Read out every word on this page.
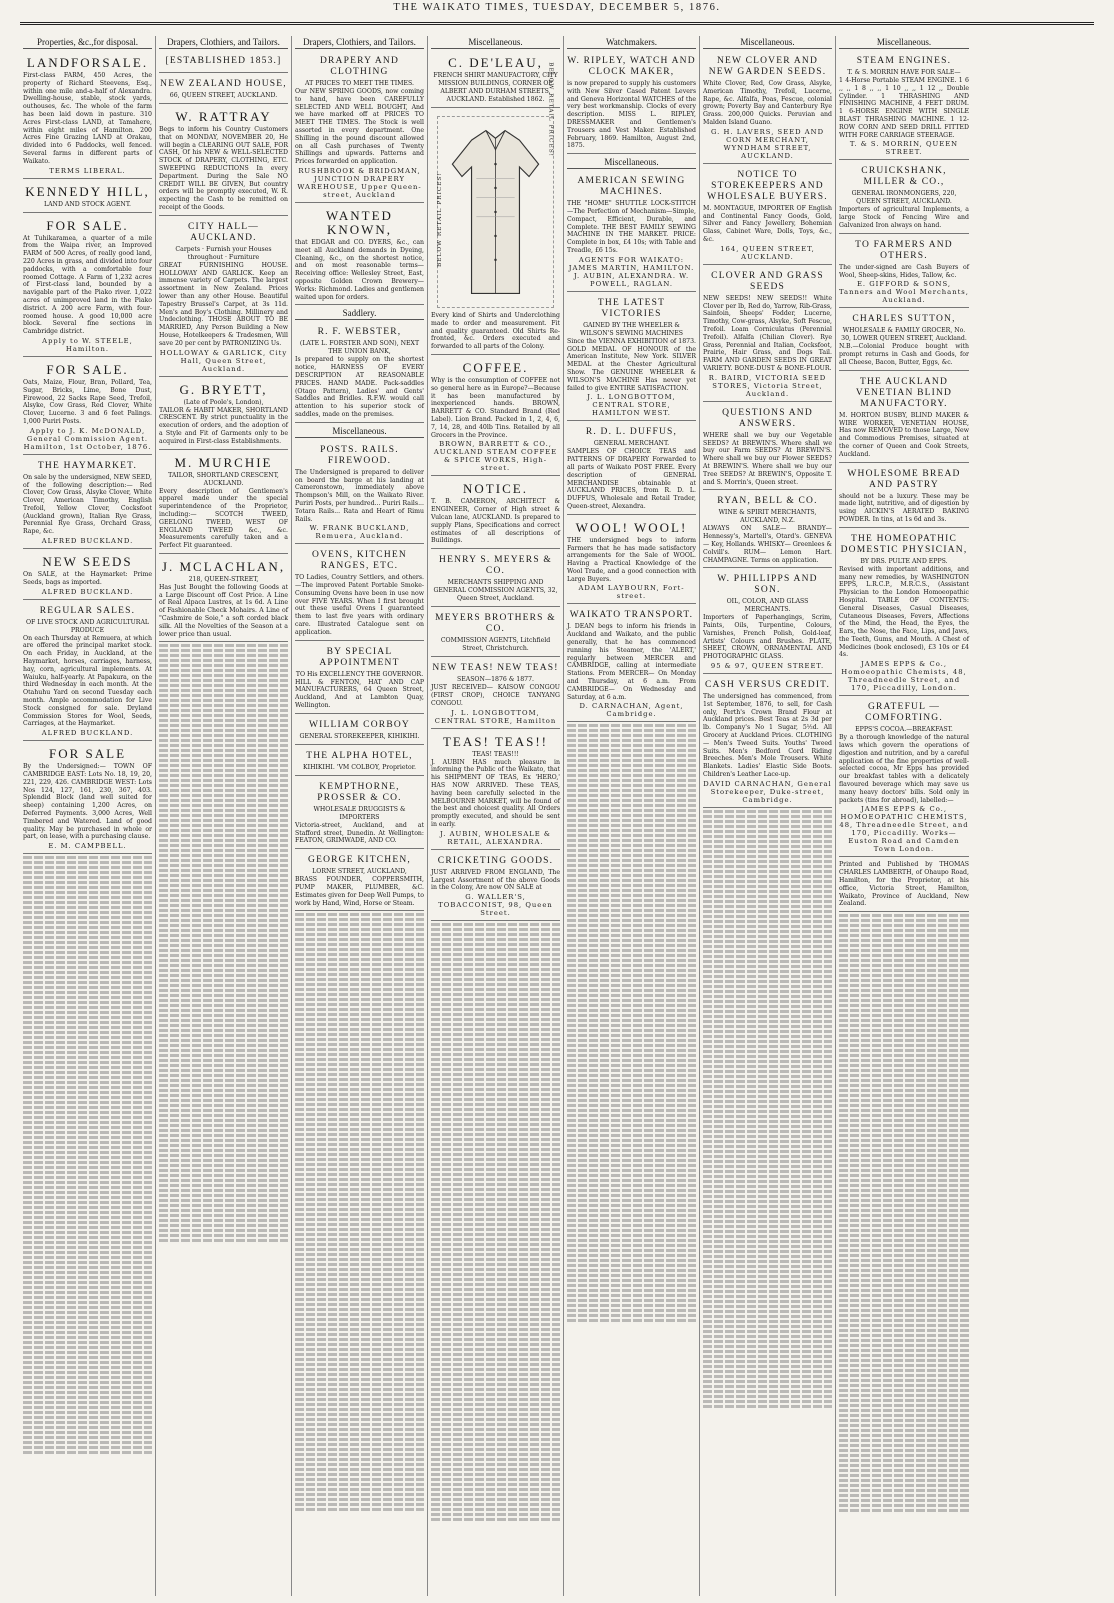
THE WAIKATO TIMES, TUESDAY, DECEMBER 5, 1876.
Properties, &c.,for disposal.
LANDFORSALE.
First-class FARM, 450 Acres, the property of Richard Steevens, Esq., within one mile and-a-half of Alexandra. Dwelling-house, stable, stock yards, outhouses, &c. The whole of the farm has been laid down in pasture. 310 Acres First-class LAND, at Tamahere, within eight miles of Hamilton. 200 Acres Fine Grazing LAND at Orakau, divided into 6 Paddocks, well fenced. Several farms in different parts of Waikato.
TERMS LIBERAL.
KENNEDY HILL,
LAND AND STOCK AGENT.
FOR SALE.
At Tuhikaramea, a quarter of a mile from the Waipa river, an Improved FARM of 500 Acres, of really good land, 220 Acres in grass, and divided into four paddocks, with a comfortable four roomed Cottage. A Farm of 1,232 acres of First-class land, bounded by a navigable part of the Piako river. 1,022 acres of unimproved land in the Piako district. A 200 acre Farm, with four-roomed house. A good 10,000 acre block. Several fine sections in Cambridge district.
Apply to W. STEELE, Hamilton.
FOR SALE.
Oats, Maize, Flour, Bran, Pollard, Tea, Sugar, Bricks, Lime, Bone Dust, Firewood, 22 Sacks Rape Seed, Trefoil, Alsyke, Cow Grass, Red Clover, White Clover, Lucerne. 3 and 6 feet Palings. 1,000 Puriri Posts.
Apply to J. K. McDONALD, General Commission Agent. Hamilton, 1st October, 1876.
THE HAYMARKET.
On sale by the undersigned, NEW SEED, of the following description:— Red Clover, Cow Grass, Alsyke Clover, White Clover, American Timothy, English Trefoil, Yellow Clover, Cocksfoot (Auckland grown), Italian Rye Grass, Perennial Rye Grass, Orchard Grass, Rape, &c.
ALFRED BUCKLAND.
NEW SEEDS
On SALE, at the Haymarket: Prime Seeds, bags as imported.
ALFRED BUCKLAND.
REGULAR SALES.
OF LIVE STOCK AND AGRICULTURAL PRODUCE
On each Thursday at Remuera, at which are offered the principal market stock. On each Friday, in Auckland, at the Haymarket, horses, carriages, harness, hay, corn, agricultural implements. At Waiuku, half-yearly. At Papakura, on the third Wednesday in each month. At the Otahuhu Yard on second Tuesday each month. Ample accommodation for Live Stock consigned for sale. Dryland Commission Stores for Wool, Seeds, Carriages, at the Haymarket.
ALFRED BUCKLAND.
FOR SALE
By the Undersigned:— TOWN OF CAMBRIDGE EAST: Lots No. 18, 19, 20, 221, 229, 426. CAMBRIDGE WEST: Lots Nos 124, 127, 161, 230, 367, 403. Splendid Block (land well suited for sheep) containing 1,200 Acres, on Deferred Payments. 3,000 Acres, Well Timbered and Watered. Land of good quality. May be purchased in whole or part, on lease, with a purchasing clause.
E. M. CAMPBELL.
Drapers, Clothiers, and Tailors.
[ESTABLISHED 1853.]
NEW ZEALAND HOUSE,
66, QUEEN STREET, AUCKLAND.
W. RATTRAY
Begs to inform his Country Customers that on MONDAY, NOVEMBER 20, He will begin a CLEARING OUT SALE, FOR CASH, Of his NEW & WELL-SELECTED STOCK of DRAPERY, CLOTHING, ETC. SWEEPING REDUCTIONS In every Department. During the Sale NO CREDIT WILL BE GIVEN, But country orders will be promptly executed, W. R. expecting the Cash to be remitted on receipt of the Goods.
CITY HALL—AUCKLAND.
Carpets · Furnish your Houses throughout · Furniture
GREAT FURNISHING HOUSE. HOLLOWAY AND GARLICK. Keep an immense variety of Carpets. The largest assortment in New Zealand. Prices lower than any other House. Beautiful Tapestry Brussel's Carpet, at 3s 11d. Men's and Boy's Clothing. Millinery and Undeclothing. THOSE ABOUT TO BE MARRIED, Any Person Building a New House, Hotelkeepers & Tradesmen, Will save 20 per cent by PATRONIZING Us.
HOLLOWAY & GARLICK, City Hall, Queen Street, Auckland.
G. BRYETT,
(Late of Poole's, London),
TAILOR & HABIT MAKER, SHORTLAND CRESCENT. By strict punctuality in the execution of orders, and the adoption of a Style and Fit of Garments only to be acquired in First-class Establishments.
M. MURCHIE
TAILOR, SHORTLAND CRESCENT, AUCKLAND.
Every description of Gentlemen's apparel made under the special superintendence of the Proprietor, including:— SCOTCH TWEED, GEELONG TWEED, WEST OF ENGLAND TWEED &c., &c. Measurements carefully taken and a Perfect Fit guaranteed.
J. MCLACHLAN,
218, QUEEN-STREET,
Has Just Bought the following Goods at a Large Discount off Cost Price. A Line of Real Alpaca Lustres, at 1s 6d. A Line of Fashionable Check Mohairs. A Line of "Cashmire de Soie," a soft corded black silk. All the Novelties of the Season at a lower price than usual.
Drapers, Clothiers, and Tailors.
DRAPERY AND CLOTHING
AT PRICES TO MEET THE TIMES.
Our NEW SPRING GOODS, now coming to hand, have been CAREFULLY SELECTED AND WELL BOUGHT, And we have marked off at PRICES TO MEET THE TIMES. The Stock is well assorted in every department. One Shilling in the pound discount allowed on all Cash purchases of Twenty Shillings and upwards. Patterns and Prices forwarded on application.
RUSHBROOK & BRIDGMAN, JUNCTION DRAPERY WAREHOUSE, Upper Queen-street, Auckland
WANTED KNOWN,
that EDGAR and CO. DYERS, &c., can meet all Auckland demands in Dyeing, Cleaning, &c., on the shortest notice, and on most reasonable terms—Receiving office: Wellesley Street, East, opposite Golden Crown Brewery—Works: Richmond. Ladies and gentlemen waited upon for orders.
Saddlery.
R. F. WEBSTER,
(LATE L. FORSTER AND SON), NEXT THE UNION BANK,
Is prepared to supply on the shortest notice, HARNESS OF EVERY DESCRIPTION AT REASONABLE PRICES. HAND MADE. Pack-saddles (Otago Pattern), Ladies' and Gents' Saddles and Bridles. R.F.W. would call attention to his superior stock of saddles, made on the premises.
Miscellaneous.
POSTS. RAILS. FIREWOOD.
The Undersigned is prepared to deliver on board the barge at his landing at Cameronstown, immediately above Thompson's Mill, on the Waikato River. Puriri Posts, per hundred... Puriri Rails... Totara Rails... Rata and Heart of Rimu Rails.
W. FRANK BUCKLAND, Remuera, Auckland.
OVENS, KITCHEN RANGES, ETC.
TO Ladies, Country Settlers, and others.—The improved Patent Portable Smoke-Consuming Ovens have been in use now over FIVE YEARS. When I first brought out these useful Ovens I guaranteed them to last five years with ordinary care. Illustrated Catalogue sent on application.
BY SPECIAL APPOINTMENT
TO His EXCELLENCY THE GOVERNOR.
HILL & FENTON, HAT AND CAP MANUFACTURERS, 64 Queen Street, Auckland, And at Lambton Quay, Wellington.
WILLIAM CORBOY
GENERAL STOREKEEPER, KIHIKIHI.
THE ALPHA HOTEL,
KIHIKIHI. 'VM COLBOY, Proprietor.
KEMPTHORNE, PROSSER & CO.
WHOLESALE DRUGGISTS & IMPORTERS
Victoria-street, Auckland, and at Stafford street, Dunedin. At Wellington: FEATON, GRIMWADE, AND CO.
GEORGE KITCHEN,
LORNE STREET, AUCKLAND,
BRASS FOUNDER, COPPERSMITH, PUMP MAKER, PLUMBER, &C. Estimates given for Deep Well Pumps, to work by Hand, Wind, Horse or Steam.
Miscellaneous.
C. DE'LEAU,
FRENCH SHIRT MANUFACTORY, CITY MISSION BUILDINGS, CORNER OF ALBERT AND DURHAM STREETS, AUCKLAND. Established 1862.
BELOW RETAIL PRICES!
BELOW RETAIL PRICES!
Every kind of Shirts and Underclothing made to order and measurement. Fit and quality guaranteed. Old Shirts Re-fronted, &c. Orders executed and forwarded to all parts of the Colony.
COFFEE.
Why is the consumption of COFFEE not so general here as in Europe?—Because it has been manufactured by inexperienced hands. BROWN, BARRETT & CO. Standard Brand (Red Label). Lion Brand. Packed in 1, 2, 4, 6, 7, 14, 28, and 40lb Tins. Retailed by all Grocers in the Province.
BROWN, BARRETT & CO., AUCKLAND STEAM COFFEE & SPICE WORKS, High-street.
NOTICE.
T. B. CAMERON, ARCHITECT & ENGINEER, Corner of High street & Vulcan lane, AUCKLAND. Is prepared to supply Plans, Specifications and correct estimates of all descriptions of Buildings.
HENRY S. MEYERS & CO.
MERCHANTS SHIPPING AND GENERAL COMMISSION AGENTS, 32, Queen Street, Auckland.
MEYERS BROTHERS & CO.
COMMISSION AGENTS, Litchfield Street, Christchurch.
NEW TEAS! NEW TEAS!
SEASON—1876 & 1877.
JUST RECEIVED— KAISOW CONGOU (FIRST CROP), CHOICE TANYANG CONGOU.
J. L. LONGBOTTOM, CENTRAL STORE, Hamilton
TEAS! TEAS!!
TEAS! TEAS!!!
J. AUBIN HAS much pleasure in informing the Public of the Waikato, that his SHIPMENT OF TEAS, Ex 'HERO,' HAS NOW ARRIVED. These TEAS, having been carefully selected in the MELBOURNE MARKET, will be found of the best and choicest quality. All Orders promptly executed, and should be sent in early.
J. AUBIN, WHOLESALE & RETAIL, ALEXANDRA.
CRICKETING GOODS.
JUST ARRIVED FROM ENGLAND, The Largest Assortment of the above Goods in the Colony, Are now ON SALE at
G. WALLER'S, TOBACCONIST, 98, Queen Street.
Watchmakers.
W. RIPLEY, WATCH AND CLOCK MAKER,
is now prepared to supply his customers with New Silver Cased Patent Levers and Geneva Horizontal WATCHES of the very best workmanship. Clocks of every description. MISS L. RIPLEY, DRESSMAKER and Gentlemen's Trousers and Vest Maker. Established February, 1869. Hamilton, August 2nd, 1875.
Miscellaneous.
AMERICAN SEWING MACHINES.
THE "HOME" SHUTTLE LOCK-STITCH—The Perfection of Mechanism—Simple, Compact, Efficient, Durable, and Complete. THE BEST FAMILY SEWING MACHINE IN THE MARKET. PRICE: Complete in box, £4 10s; with Table and Treadle, £6 15s.
AGENTS FOR WAIKATO: JAMES MARTIN, HAMILTON. J. AUBIN, ALEXANDRA. W. POWELL, RAGLAN.
THE LATEST VICTORIES
GAINED BY THE WHEELER & WILSON'S SEWING MACHINES
Since the VIENNA EXHIBITION of 1873. GOLD MEDAL OF HONOUR of the American Institute, New York. SILVER MEDAL at the Chester Agricultural Show. The GENUINE WHEELER & WILSON'S MACHINE Has never yet failed to give ENTIRE SATISFACTION.
J. L. LONGBOTTOM, CENTRAL STORE, HAMILTON WEST.
R. D. L. DUFFUS,
GENERAL MERCHANT.
SAMPLES OF CHOICE TEAS and PATTERNS OF DRAPERY Forwarded to all parts of Waikato POST FREE. Every description of GENERAL MERCHANDISE obtainable at AUCKLAND PRICES, from R. D. L. DUFFUS, Wholesale and Retail Trader, Queen-street, Alexandra.
WOOL! WOOL!
THE undersigned begs to inform Farmers that he has made satisfactory arrangements for the Sale of WOOL. Having a Practical Knowledge of the Wool Trade, and a good connection with Large Buyers.
ADAM LAYBOURN, Fort-street.
WAIKATO TRANSPORT.
J. DEAN begs to inform his friends in Auckland and Waikato, and the public generally, that he has commenced running his Steamer, the 'ALERT,' regularly between MERCER and CAMBRIDGE, calling at intermediate Stations. From MERCER— On Monday and Thursday, at 6 a.m. From CAMBRIDGE— On Wednesday and Saturday, at 6 a.m.
D. CARNACHAN, Agent, Cambridge.
Miscellaneous.
NEW CLOVER AND NEW GARDEN SEEDS.
White Clover, Red, Cow Grass, Alsyke, American Timothy, Trefoil, Lucerne, Rape, &c. Alfalfa, Poas, Fescue, colonial grown; Poverty Bay and Canterbury Rye Grass. 200,000 Quicks. Peruvian and Malden Island Guano.
G. H. LAVERS, SEED AND CORN MERCHANT, WYNDHAM STREET, AUCKLAND.
NOTICE TO STOREKEEPERS AND WHOLESALE BUYERS.
M. MONTAGUE, IMPORTER OF English and Continental Fancy Goods, Gold, Silver and Fancy Jewellery, Bohemian Glass, Cabinet Ware, Dolls, Toys, &c., &c.
164, QUEEN STREET, AUCKLAND.
CLOVER AND GRASS SEEDS
NEW SEEDS! NEW SEEDS!! White Clover per lb, Red do, Yarrow, Rib-Grass, Sainfoin, Sheeps' Fodder, Lucerne, Timothy, Cow-grass, Alsyke, Soft Fescue, Trefoil. Loam Corniculatus (Perennial Trefoil). Alfalfa (Chilian Clover). Rye Grass, Perennial and Italian, Cocksfoot, Prairie, Hair Grass, and Dogs Tail. FARM AND GARDEN SEEDS IN GREAT VARIETY. BONE-DUST & BONE-FLOUR.
R. BAIRD, VICTORIA SEED STORES, Victoria Street, Auckland.
QUESTIONS AND ANSWERS.
WHERE shall we buy our Vegetable SEEDS? At BREWIN'S. Where shall we buy our Farm SEEDS? At BREWIN'S. Where shall we buy our Flower SEEDS? At BREWIN'S. Where shall we buy our Tree SEEDS? At BREWIN'S, Opposite T. and S. Morrin's, Queen street.
RYAN, BELL & CO.
WINE & SPIRIT MERCHANTS, AUCKLAND, N.Z.
ALWAYS ON SALE— BRANDY— Hennessy's, Martell's, Otard's. GENEVA— Key, Hollands. WHISKY— Greenlees & Colvill's. RUM— Lemon Hart. CHAMPAGNE. Terms on application.
W. PHILLIPPS AND SON.
OIL, COLOR, AND GLASS MERCHANTS.
Importers of Paperhangings, Scrim, Paints, Oils, Turpentine, Colours, Varnishes, French Polish, Gold-leaf, Artists' Colours and Brushes. PLATE, SHEET, CROWN, ORNAMENTAL AND PHOTOGRAPHIC GLASS.
95 & 97, QUEEN STREET.
CASH VERSUS CREDIT.
The undersigned has commenced, from 1st September, 1876, to sell, for Cash only, Perth's Crown Brand Flour at Auckland prices. Best Teas at 2s 3d per lb. Company's No 1 Sugar, 5½d. All Grocery at Auckland Prices. CLOTHING— Men's Tweed Suits. Youths' Tweed Suits. Men's Bedford Cord Riding Breeches. Men's Mole Trousers. White Blankets. Ladies' Elastic Side Boots. Children's Leather Lace-up.
DAVID CARNACHAN, General Storekeeper, Duke-street, Cambridge.
Miscellaneous.
STEAM ENGINES.
T. & S. MORRIN HAVE FOR SALE—
1 4-Horse Portable STEAM ENGINE. 1 6 ,, ,, 1 8 ,, ,, 1 10 ,, ,, 1 12 ,, Double Cylinder. 1 THRASHING AND FINISHING MACHINE, 4 FEET DRUM. 1 6-HORSE ENGINE WITH SINGLE BLAST THRASHING MACHINE. 1 12-ROW CORN AND SEED DRILL FITTED WITH FORE CARRIAGE STEERAGE.
T. & S. MORRIN, QUEEN STREET.
CRUICKSHANK, MILLER & CO.,
GENERAL IRONMONGERS, 220, QUEEN STREET, AUCKLAND.
Importers of agricultural Implements, a large Stock of Fencing Wire and Galvanized Iron always on hand.
TO FARMERS AND OTHERS.
The under-signed are Cash Buyers of Wool, Sheep-skins, Hides, Tallow, &c.
E. GIFFORD & SONS, Tanners and Wool Merchants, Auckland.
CHARLES SUTTON,
WHOLESALE & FAMILY GROCER, No. 30, LOWER QUEEN STREET, Auckland.
N.B.—Colonial Produce bought with prompt returns in Cash and Goods, for all Cheese, Bacon, Butter, Eggs, &c.
THE AUCKLAND VENETIAN BLIND MANUFACTORY.
M. HORTON BUSBY, BLIND MAKER & WIRE WORKER, VENETIAN HOUSE, Has now REMOVED to those Large, New and Commodious Premises, situated at the corner of Queen and Cook Streets, Auckland.
WHOLESOME BREAD AND PASTRY
should not be a luxury. These may be made light, nutritive, and of digestion by using AICKIN'S AERATED BAKING POWDER. In tins, at 1s 6d and 3s.
THE HOMEOPATHIC DOMESTIC PHYSICIAN,
BY DRS. PULTE AND EPPS.
Revised with important additions, and many new remedies, by WASHINGTON EPPS, L.R.C.P., M.R.C.S., (Assistant Physician to the London Homoeopathic Hospital. TABLE OF CONTENTS: General Diseases, Casual Diseases, Cutaneous Diseases, Fevers, Affections of the Mind, the Head, the Eyes, the Ears, the Nose, the Face, Lips, and Jaws, the Teeth, Gums, and Mouth. A Chest of Medicines (book enclosed), £3 10s or £4 4s.
JAMES EPPS & Co., Homoeopathic Chemists, 48, Threadneedle Street, and 170, Piccadilly, London.
GRATEFUL — COMFORTING.
EPPS'S COCOA.—BREAKFAST.
By a thorough knowledge of the natural laws which govern the operations of digestion and nutrition, and by a careful application of the fine properties of well-selected cocoa, Mr Epps has provided our breakfast tables with a delicately flavoured beverage which may save us many heavy doctors' bills. Sold only in packets (tins for abroad), labelled:—
JAMES EPPS & Co., HOMOEOPATHIC CHEMISTS, 48, Threadneedle Street, and 170, Piccadilly. Works—Euston Road and Camden Town London.
Printed and Published by THOMAS CHARLES LAMBERTH, of Ohaupo Road, Hamilton, for the Proprietor, at his office, Victoria Street, Hamilton, Waikato, Province of Auckland, New Zealand.
